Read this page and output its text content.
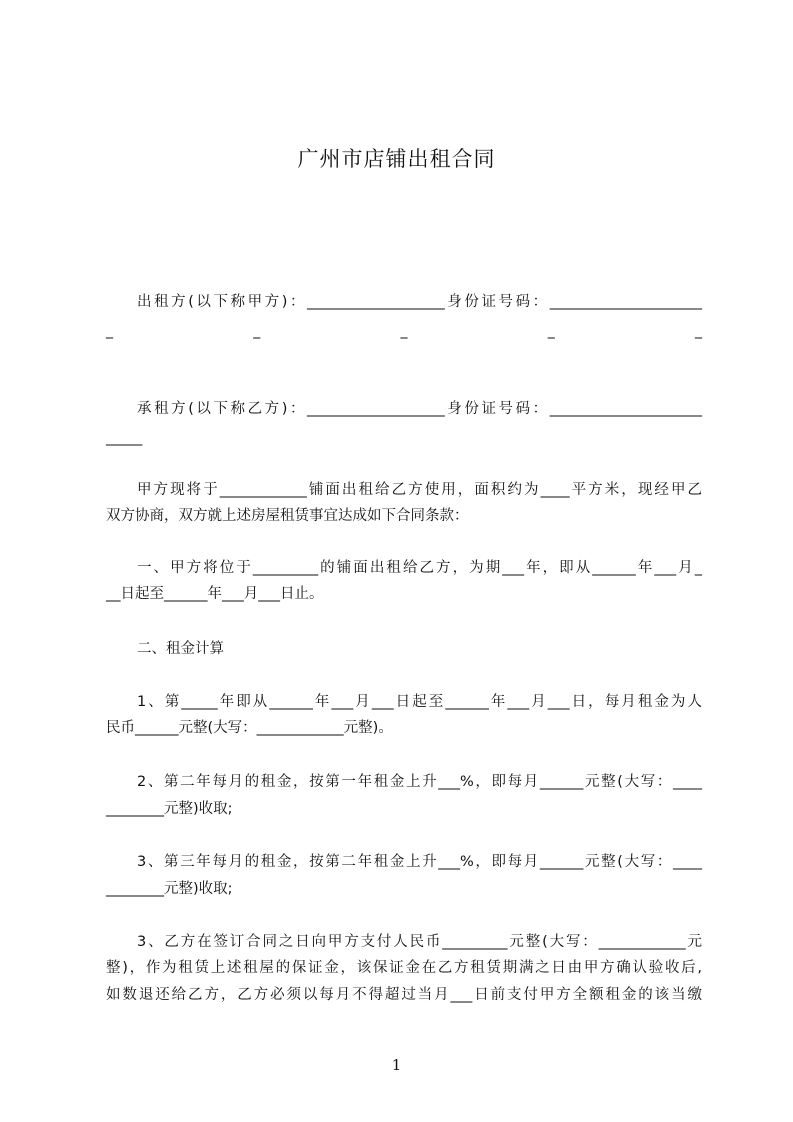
广州市店铺出租合同
出租方(以下称甲方)：___________________身份证号码：_____________________
_	_	_	_	_
承租方(以下称乙方)：___________________身份证号码：_____________________
_____
甲方现将于____________铺面出租给乙方使用，面积约为____平方米，现经甲乙
双方协商，双方就上述房屋租赁事宜达成如下合同条款：
一、甲方将位于_________的铺面出租给乙方，为期___年，即从______年___月_
__日起至______年___月___日止。
二、租金计算
1、第_____年即从______年___月___日起至______年___月___日，每月租金为人
民币______元整(大写：____________元整)。
2、第二年每月的租金，按第一年租金上升___%，即每月______元整(大写：____
________元整)收取;
3、第三年每月的租金，按第二年租金上升___%，即每月______元整(大写：____
________元整)收取;
3、乙方在签订合同之日向甲方支付人民币_________元整(大写：____________元
整)，作为租赁上述租屋的保证金，该保证金在乙方租赁期满之日由甲方确认验收后,
如数退还给乙方，乙方必须以每月不得超过当月___日前支付甲方全额租金的该当缴
1
